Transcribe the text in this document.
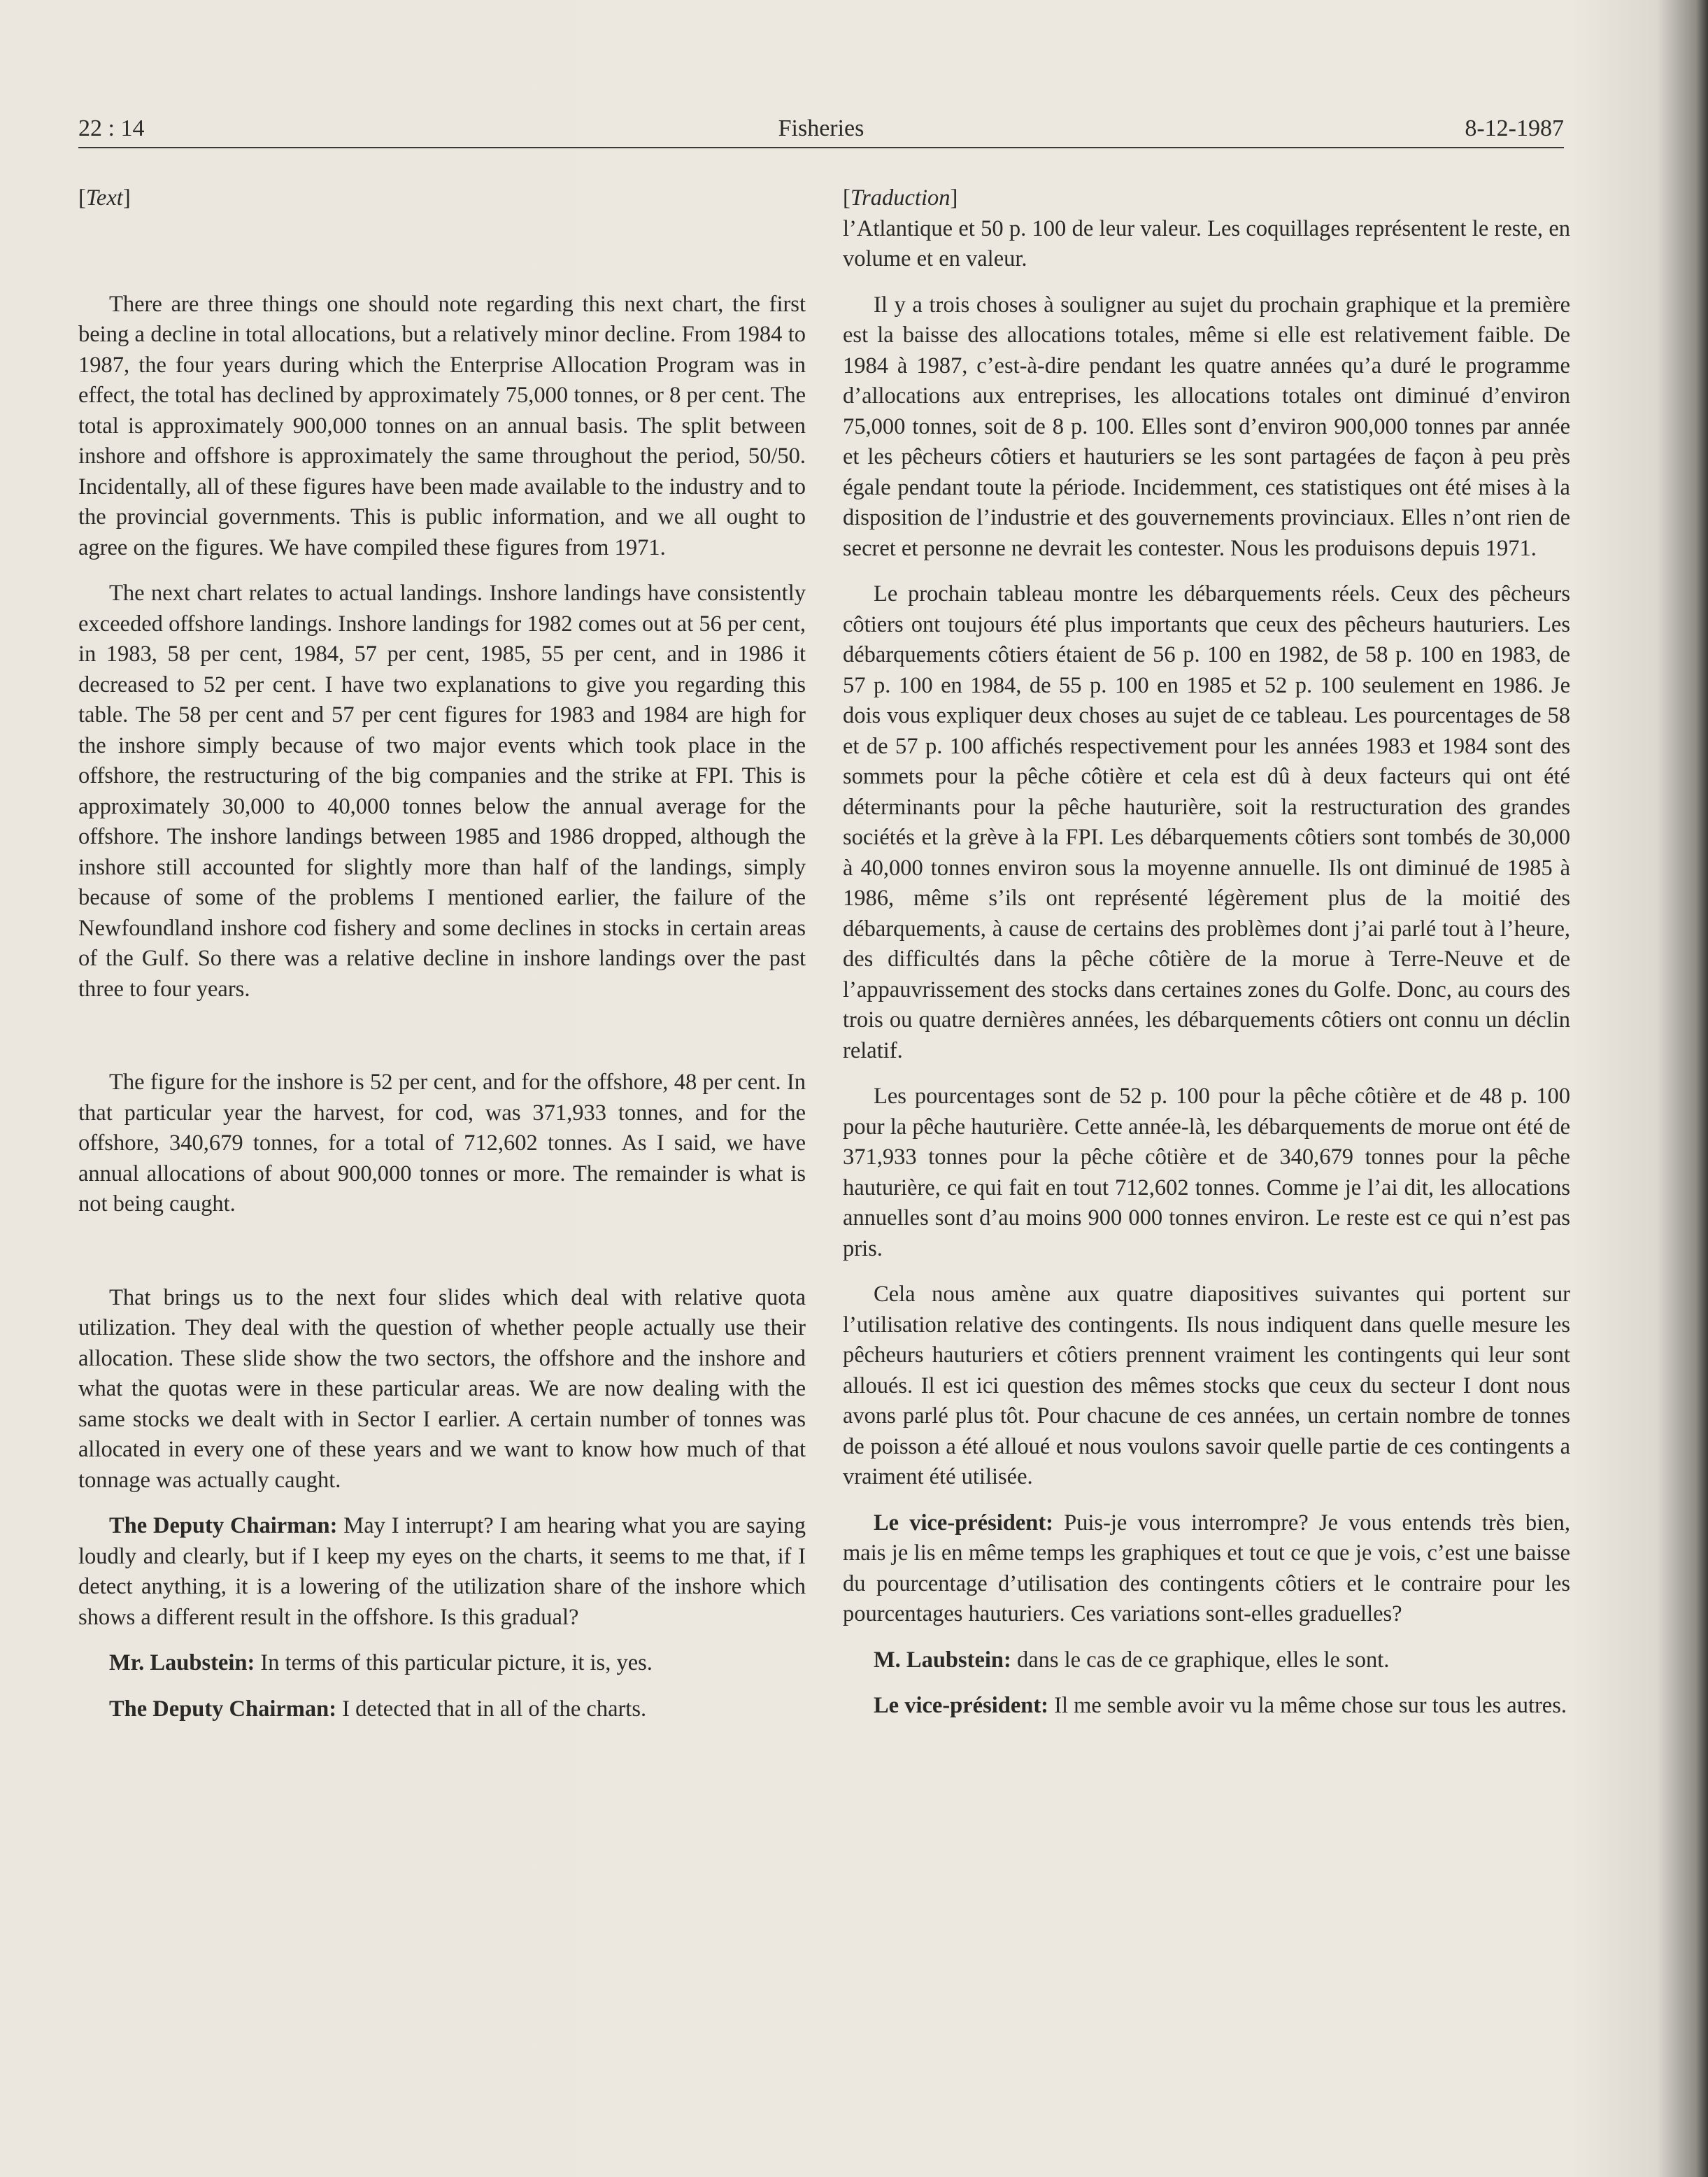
22 : 14	Fisheries	8-12-1987
[Text]

There are three things one should note regarding this next chart, the first being a decline in total allocations, but a relatively minor decline. From 1984 to 1987, the four years during which the Enterprise Allocation Program was in effect, the total has declined by approximately 75,000 tonnes, or 8 per cent. The total is approximately 900,000 tonnes on an annual basis. The split between inshore and offshore is approximately the same throughout the period, 50/50. Incidentally, all of these figures have been made available to the industry and to the provincial governments. This is public information, and we all ought to agree on the figures. We have compiled these figures from 1971.

The next chart relates to actual landings. Inshore landings have consistently exceeded offshore landings. Inshore landings for 1982 comes out at 56 per cent, in 1983, 58 per cent, 1984, 57 per cent, 1985, 55 per cent, and in 1986 it decreased to 52 per cent. I have two explanations to give you regarding this table. The 58 per cent and 57 per cent figures for 1983 and 1984 are high for the inshore simply because of two major events which took place in the offshore, the restructuring of the big companies and the strike at FPI. This is approximately 30,000 to 40,000 tonnes below the annual average for the offshore. The inshore landings between 1985 and 1986 dropped, although the inshore still accounted for slightly more than half of the landings, simply because of some of the problems I mentioned earlier, the failure of the Newfoundland inshore cod fishery and some declines in stocks in certain areas of the Gulf. So there was a relative decline in inshore landings over the past three to four years.

The figure for the inshore is 52 per cent, and for the offshore, 48 per cent. In that particular year the harvest, for cod, was 371,933 tonnes, and for the offshore, 340,679 tonnes, for a total of 712,602 tonnes. As I said, we have annual allocations of about 900,000 tonnes or more. The remainder is what is not being caught.

That brings us to the next four slides which deal with relative quota utilization. They deal with the question of whether people actually use their allocation. These slide show the two sectors, the offshore and the inshore and what the quotas were in these particular areas. We are now dealing with the same stocks we dealt with in Sector I earlier. A certain number of tonnes was allocated in every one of these years and we want to know how much of that tonnage was actually caught.

The Deputy Chairman: May I interrupt? I am hearing what you are saying loudly and clearly, but if I keep my eyes on the charts, it seems to me that, if I detect anything, it is a lowering of the utilization share of the inshore which shows a different result in the offshore. Is this gradual?

Mr. Laubstein: In terms of this particular picture, it is, yes.

The Deputy Chairman: I detected that in all of the charts.

[Traduction]

l’Atlantique et 50 p. 100 de leur valeur. Les coquillages représentent le reste, en volume et en valeur.

Il y a trois choses à souligner au sujet du prochain graphique et la première est la baisse des allocations totales, même si elle est relativement faible. De 1984 à 1987, c’est-à-dire pendant les quatre années qu’a duré le programme d’allocations aux entreprises, les allocations totales ont diminué d’environ 75,000 tonnes, soit de 8 p. 100. Elles sont d’environ 900,000 tonnes par année et les pêcheurs côtiers et hauturiers se les sont partagées de façon à peu près égale pendant toute la période. Incidemment, ces statistiques ont été mises à la disposition de l’industrie et des gouvernements provinciaux. Elles n’ont rien de secret et personne ne devrait les contester. Nous les produisons depuis 1971.

Le prochain tableau montre les débarquements réels. Ceux des pêcheurs côtiers ont toujours été plus importants que ceux des pêcheurs hauturiers. Les débarquements côtiers étaient de 56 p. 100 en 1982, de 58 p. 100 en 1983, de 57 p. 100 en 1984, de 55 p. 100 en 1985 et 52 p. 100 seulement en 1986. Je dois vous expliquer deux choses au sujet de ce tableau. Les pourcentages de 58 et de 57 p. 100 affichés respectivement pour les années 1983 et 1984 sont des sommets pour la pêche côtière et cela est dû à deux facteurs qui ont été déterminants pour la pêche hauturière, soit la restructuration des grandes sociétés et la grève à la FPI. Les débarquements côtiers sont tombés de 30,000 à 40,000 tonnes environ sous la moyenne annuelle. Ils ont diminué de 1985 à 1986, même s’ils ont représenté légèrement plus de la moitié des débarquements, à cause de certains des problèmes dont j’ai parlé tout à l’heure, des difficultés dans la pêche côtière de la morue à Terre-Neuve et de l’appauvrissement des stocks dans certaines zones du Golfe. Donc, au cours des trois ou quatre dernières années, les débarquements côtiers ont connu un déclin relatif.

Les pourcentages sont de 52 p. 100 pour la pêche côtière et de 48 p. 100 pour la pêche hauturière. Cette année-là, les débarquements de morue ont été de 371,933 tonnes pour la pêche côtière et de 340,679 tonnes pour la pêche hauturière, ce qui fait en tout 712,602 tonnes. Comme je l’ai dit, les allocations annuelles sont d’au moins 900 000 tonnes environ. Le reste est ce qui n’est pas pris.

Cela nous amène aux quatre diapositives suivantes qui portent sur l’utilisation relative des contingents. Ils nous indiquent dans quelle mesure les pêcheurs hauturiers et côtiers prennent vraiment les contingents qui leur sont alloués. Il est ici question des mêmes stocks que ceux du secteur I dont nous avons parlé plus tôt. Pour chacune de ces années, un certain nombre de tonnes de poisson a été alloué et nous voulons savoir quelle partie de ces contingents a vraiment été utilisée.

Le vice-président: Puis-je vous interrompre? Je vous entends très bien, mais je lis en même temps les graphiques et tout ce que je vois, c’est une baisse du pourcentage d’utilisation des contingents côtiers et le contraire pour les pourcentages hauturiers. Ces variations sont-elles graduelles?

M. Laubstein: dans le cas de ce graphique, elles le sont.

Le vice-président: Il me semble avoir vu la même chose sur tous les autres.
